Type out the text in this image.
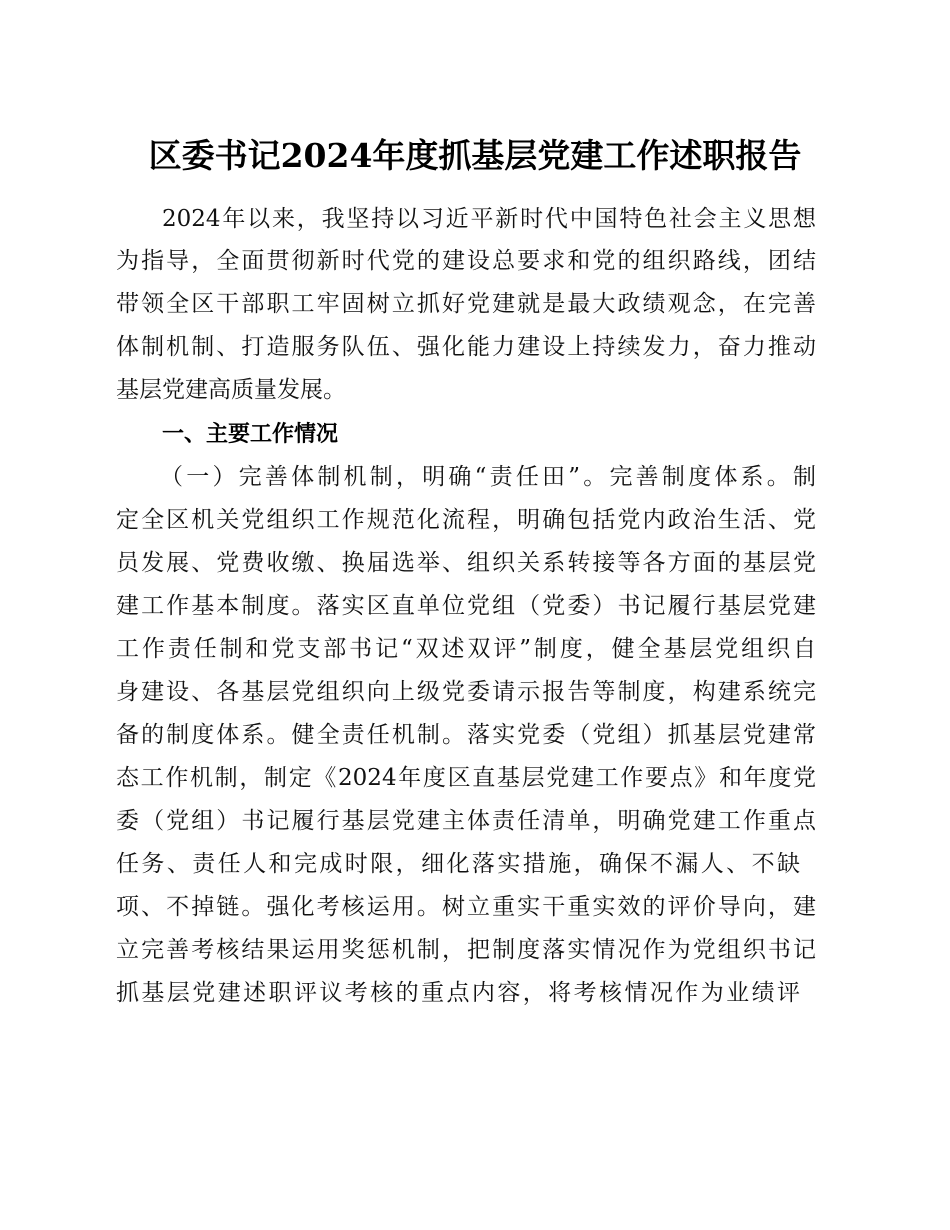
区委书记2024年度抓基层党建工作述职报告
2024年以来，我坚持以习近平新时代中国特色社会主义思想
为指导，全面贯彻新时代党的建设总要求和党的组织路线，团结
带领全区干部职工牢固树立抓好党建就是最大政绩观念，在完善
体制机制、打造服务队伍、强化能力建设上持续发力，奋力推动
基层党建高质量发展。
一、主要工作情况
（一）完善体制机制，明确“责任田”。完善制度体系。制
定全区机关党组织工作规范化流程，明确包括党内政治生活、党
员发展、党费收缴、换届选举、组织关系转接等各方面的基层党
建工作基本制度。落实区直单位党组（党委）书记履行基层党建
工作责任制和党支部书记“双述双评”制度，健全基层党组织自
身建设、各基层党组织向上级党委请示报告等制度，构建系统完
备的制度体系。健全责任机制。落实党委（党组）抓基层党建常
态工作机制，制定《2024年度区直基层党建工作要点》和年度党
委（党组）书记履行基层党建主体责任清单，明确党建工作重点
任务、责任人和完成时限，细化落实措施，确保不漏人、不缺
项、不掉链。强化考核运用。树立重实干重实效的评价导向，建
立完善考核结果运用奖惩机制，把制度落实情况作为党组织书记
抓基层党建述职评议考核的重点内容，将考核情况作为业绩评
